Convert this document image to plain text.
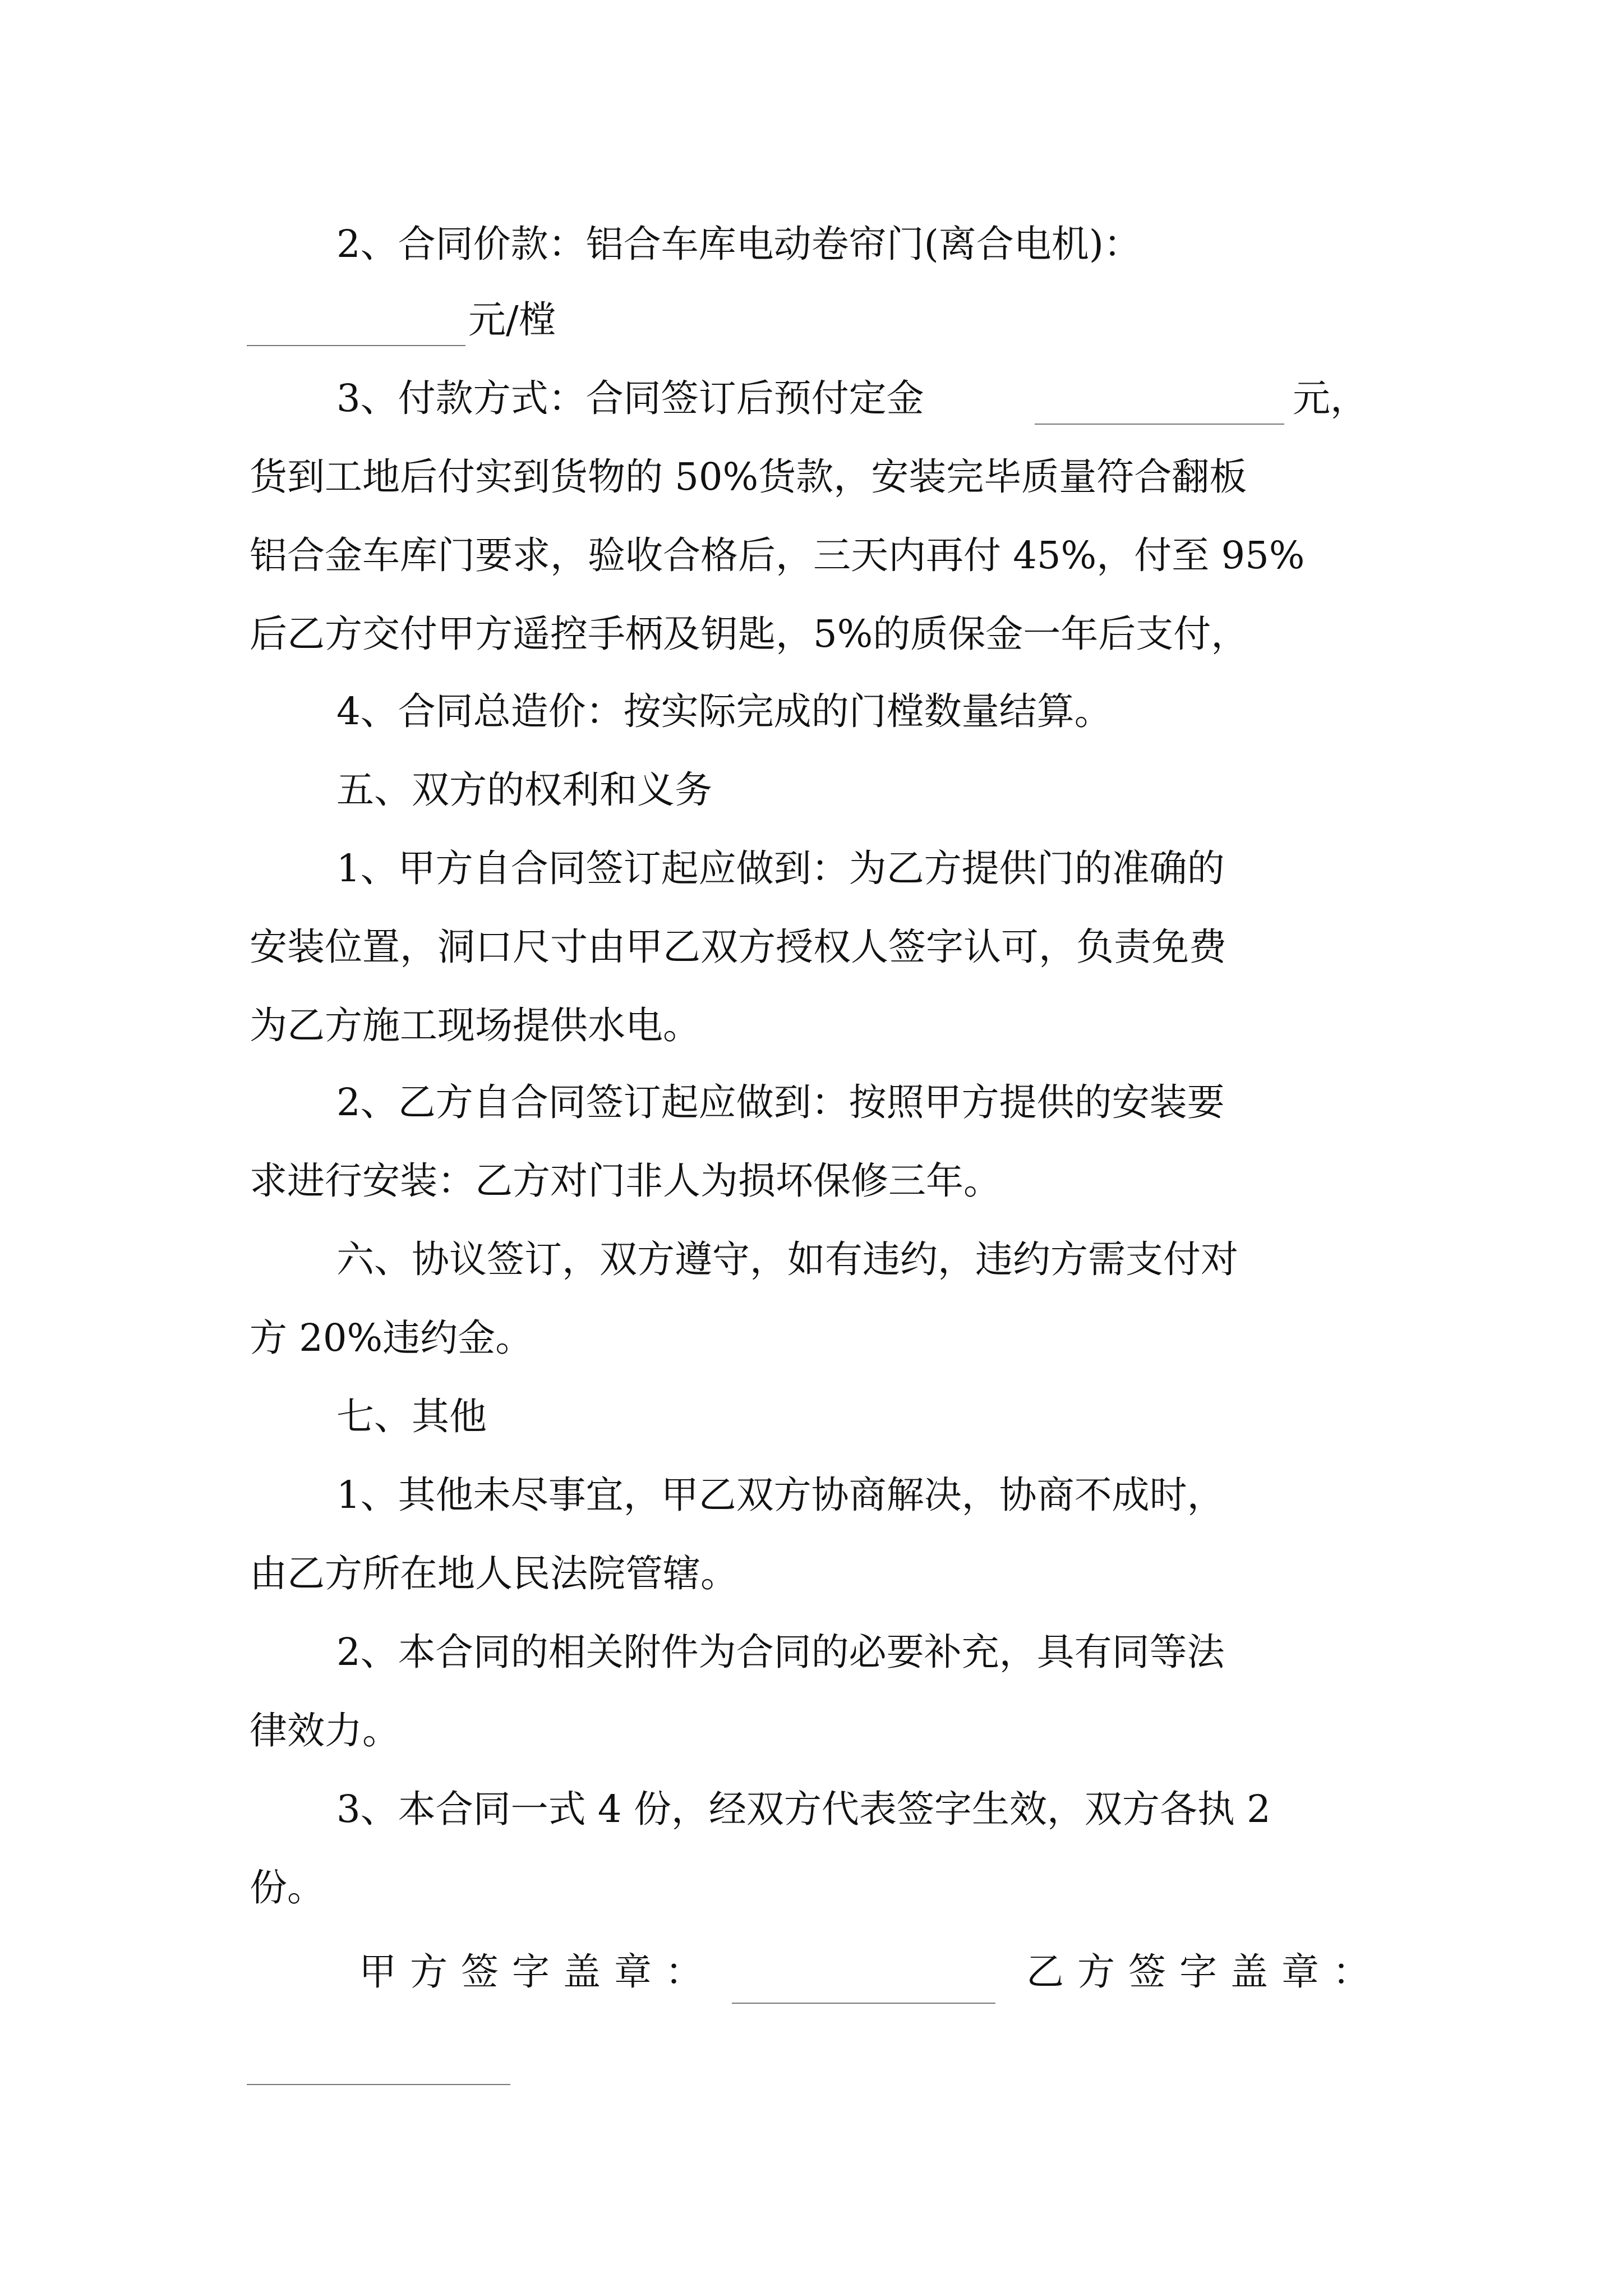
2、合同价款：铝合车库电动卷帘门(离合电机)：
元/樘
3、付款方式：合同签订后预付定金	元，
货到工地后付实到货物的 50%货款，安装完毕质量符合翻板
铝合金车库门要求，验收合格后，三天内再付 45%，付至 95%
后乙方交付甲方遥控手柄及钥匙，5%的质保金一年后支付，
4、合同总造价：按实际完成的门樘数量结算。
五、双方的权利和义务
1、甲方自合同签订起应做到：为乙方提供门的准确的
安装位置，洞口尺寸由甲乙双方授权人签字认可，负责免费
为乙方施工现场提供水电。
2、乙方自合同签订起应做到：按照甲方提供的安装要
求进行安装：乙方对门非人为损坏保修三年。
六、协议签订，双方遵守，如有违约，违约方需支付对
方 20%违约金。
七、其他
1、其他未尽事宜，甲乙双方协商解决，协商不成时，
由乙方所在地人民法院管辖。
2、本合同的相关附件为合同的必要补充，具有同等法
律效力。
3、本合同一式 4 份，经双方代表签字生效，双方各执 2
份。
甲方签字盖章：	乙方签字盖章：
